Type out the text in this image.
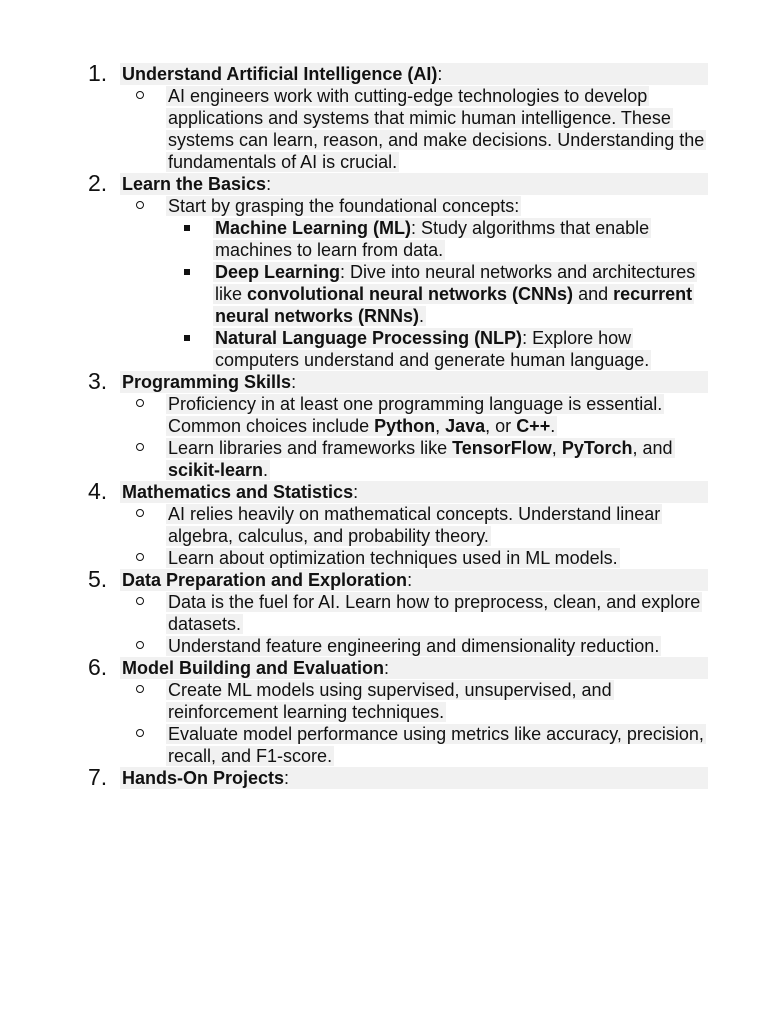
1. Understand Artificial Intelligence (AI):
AI engineers work with cutting-edge technologies to develop applications and systems that mimic human intelligence. These systems can learn, reason, and make decisions. Understanding the fundamentals of AI is crucial.
2. Learn the Basics:
Start by grasping the foundational concepts:
Machine Learning (ML): Study algorithms that enable machines to learn from data.
Deep Learning: Dive into neural networks and architectures like convolutional neural networks (CNNs) and recurrent neural networks (RNNs).
Natural Language Processing (NLP): Explore how computers understand and generate human language.
3. Programming Skills:
Proficiency in at least one programming language is essential. Common choices include Python, Java, or C++.
Learn libraries and frameworks like TensorFlow, PyTorch, and scikit-learn.
4. Mathematics and Statistics:
AI relies heavily on mathematical concepts. Understand linear algebra, calculus, and probability theory.
Learn about optimization techniques used in ML models.
5. Data Preparation and Exploration:
Data is the fuel for AI. Learn how to preprocess, clean, and explore datasets.
Understand feature engineering and dimensionality reduction.
6. Model Building and Evaluation:
Create ML models using supervised, unsupervised, and reinforcement learning techniques.
Evaluate model performance using metrics like accuracy, precision, recall, and F1-score.
7. Hands-On Projects:
